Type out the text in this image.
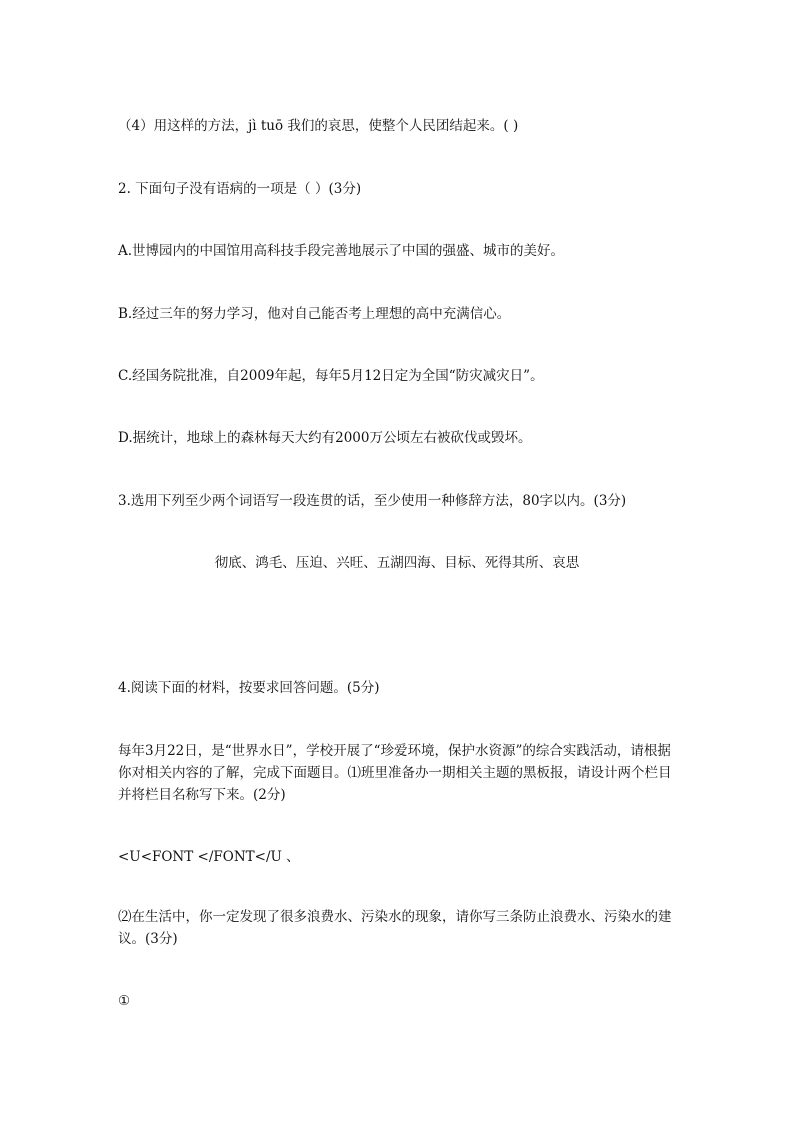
（4）用这样的方法，jì tuō 我们的哀思，使整个人民团结起来。( )
2. 下面句子没有语病的一项是（ ）(3分)
A.世博园内的中国馆用高科技手段完善地展示了中国的强盛、城市的美好。
B.经过三年的努力学习，他对自己能否考上理想的高中充满信心。
C.经国务院批准，自2009年起，每年5月12日定为全国“防灾减灾日”。
D.据统计，地球上的森林每天大约有2000万公顷左右被砍伐或毁坏。
3.选用下列至少两个词语写一段连贯的话，至少使用一种修辞方法，80字以内。(3分)
彻底、鸿毛、压迫、兴旺、五湖四海、目标、死得其所、哀思
4.阅读下面的材料，按要求回答问题。(5分)
每年3月22日，是“世界水日”，学校开展了“珍爱环境，保护水资源”的综合实践活动，请根据你对相关内容的了解，完成下面题目。⑴班里准备办一期相关主题的黑板报，请设计两个栏目并将栏目名称写下来。(2分)
<U<FONT </FONT</U 、
⑵在生活中，你一定发现了很多浪费水、污染水的现象，请你写三条防止浪费水、污染水的建议。(3分)
①
